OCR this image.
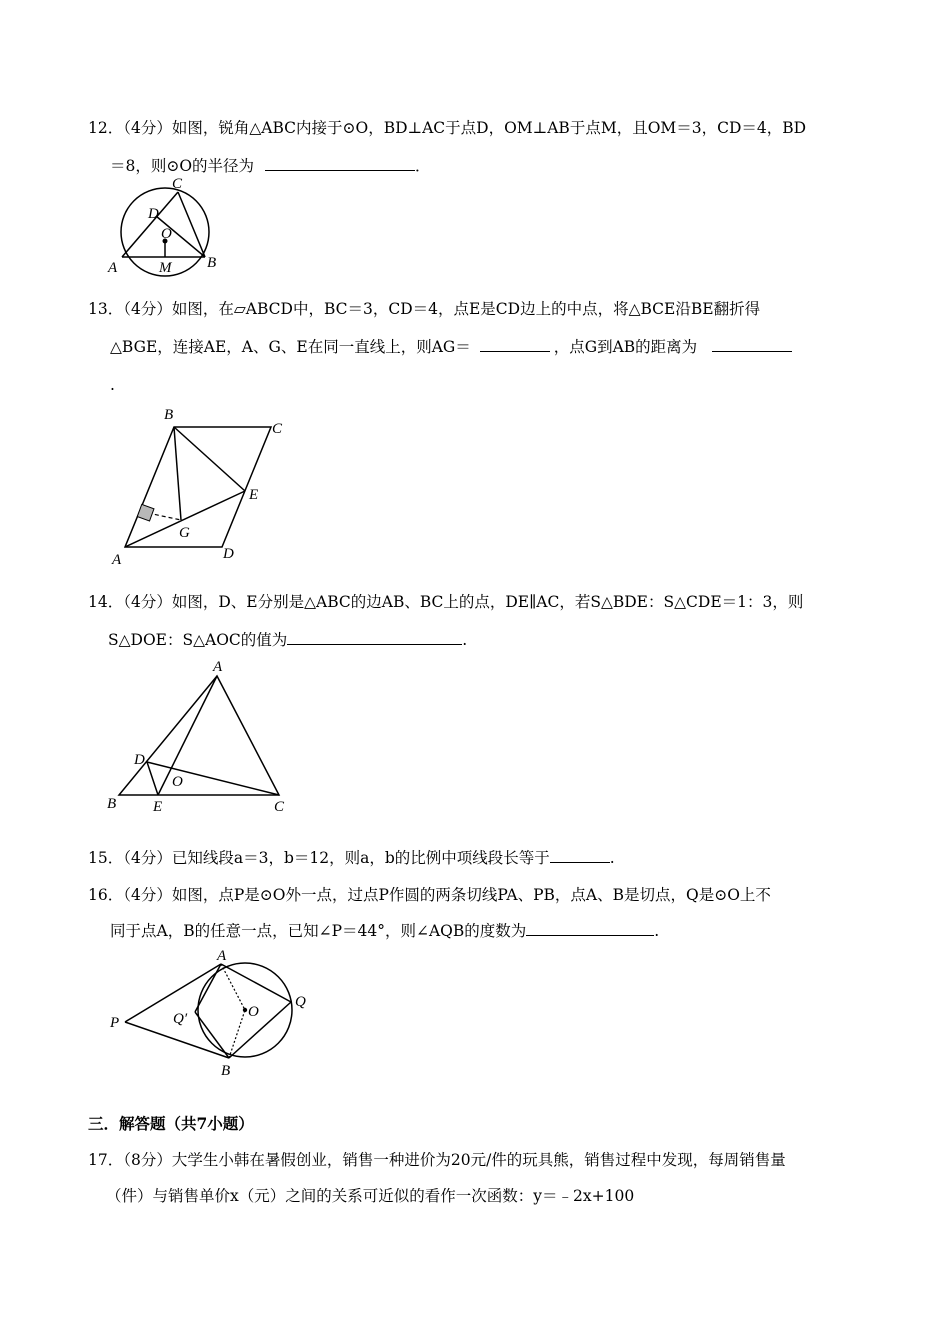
12．（4分）如图，锐角△ABC内接于⊙O，BD⊥AC于点D，OM⊥AB于点M，且OM＝3，CD＝4，BD
＝8，则⊙O的半径为	．
C
D
O
A	M B
13．（4分）如图，在▱ABCD中，BC＝3，CD＝4，点E是CD边上的中点，将△BCE沿BE翻折得
△BGE，连接AE，A、G、E在同一直线上，则AG＝	，点G到AB的距离为
.
B
C
E
G
A	D
14．（4分）如图，D、E分别是△ABC的边AB、BC上的点，DE∥AC，若S△BDE：S△CDE＝1：3，则
S△DOE：S△AOC的值为	.
A
D
O
B E	C
15．（4分）已知线段a＝3，b＝12，则a，b的比例中项线段长等于	.
16．（4分）如图，点P是⊙O外一点，过点P作圆的两条切线PA、PB，点A、B是切点，Q是⊙O上不
同于点A，B的任意一点，已知∠P＝44°，则∠AQB的度数为	.
A
P	Q′	O
Q
B
三．解答题（共7小题）
17．（8分）大学生小韩在暑假创业，销售一种进价为20元/件的玩具熊，销售过程中发现，每周销售量
（件）与销售单价x（元）之间的关系可近似的看作一次函数：y＝﹣2x+100
